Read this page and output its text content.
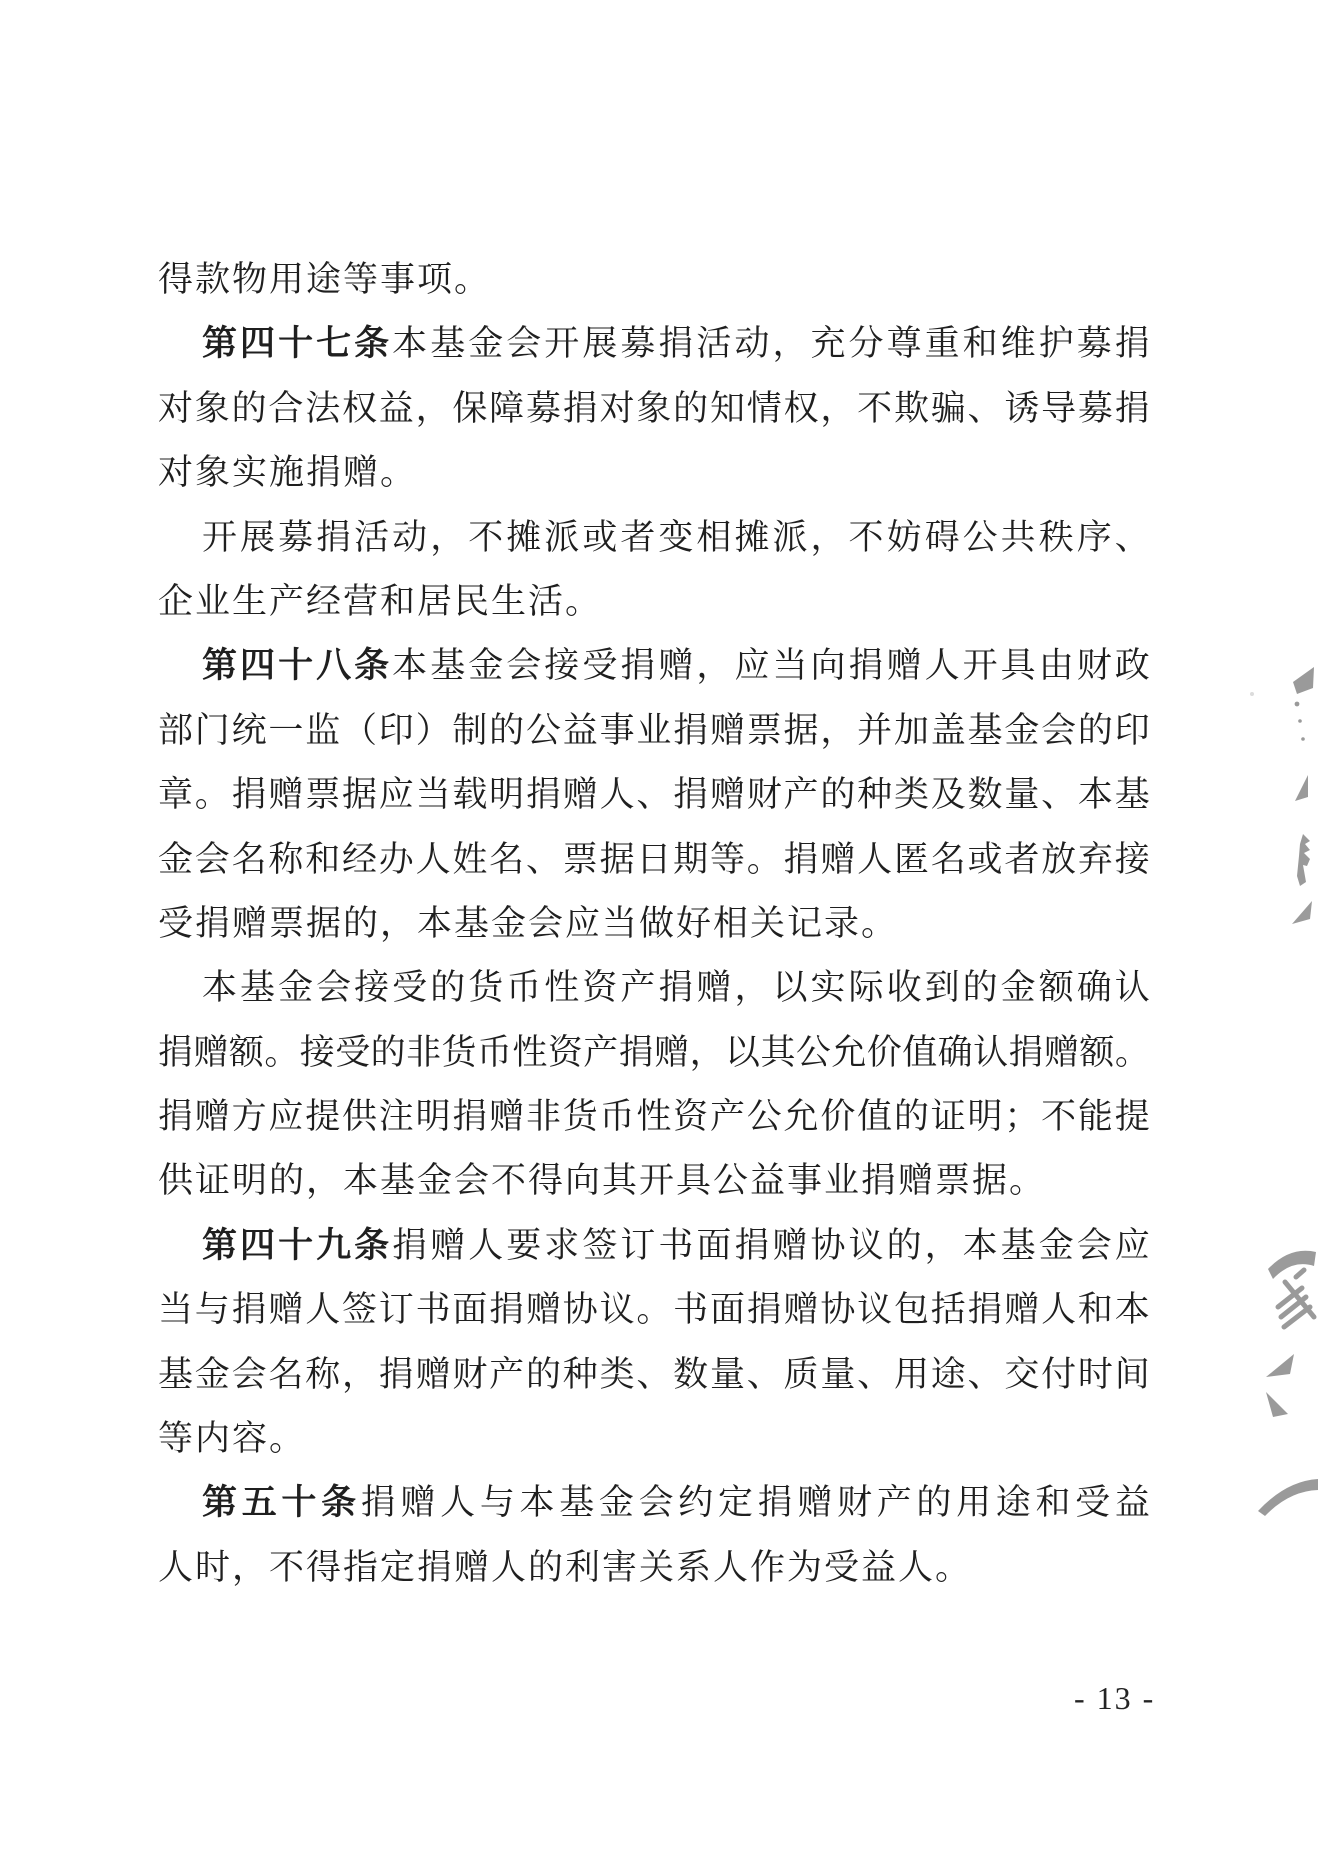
得款物用途等事项。
第 四 十 七 条 本 基 金 会 开 展 募 捐 活 动 ， 充 分 尊 重 和 维 护 募 捐
对 象 的 合 法 权 益 ， 保 障 募 捐 对 象 的 知 情 权 ， 不 欺 骗 、 诱 导 募 捐
对象实施捐赠。
开 展 募 捐 活 动 ， 不 摊 派 或 者 变 相 摊 派 ， 不 妨 碍 公 共 秩 序 、
企业生产经营和居民生活。
第 四 十 八 条 本 基 金 会 接 受 捐 赠 ， 应 当 向 捐 赠 人 开 具 由 财 政
部 门 统 一 监 （ 印 ） 制 的 公 益 事 业 捐 赠 票 据 ， 并 加 盖 基 金 会 的 印
章 。 捐 赠 票 据 应 当 载 明 捐 赠 人 、 捐 赠 财 产 的 种 类 及 数 量 、 本 基
金 会 名 称 和 经 办 人 姓 名 、 票 据 日 期 等 。 捐 赠 人 匿 名 或 者 放 弃 接
受捐赠票据的，本基金会应当做好相关记录。
本 基 金 会 接 受 的 货 币 性 资 产 捐 赠 ， 以 实 际 收 到 的 金 额 确 认
捐 赠 额 。 接 受 的 非 货 币 性 资 产 捐 赠 ， 以 其 公 允 价 值 确 认 捐 赠 额 。
捐 赠 方 应 提 供 注 明 捐 赠 非 货 币 性 资 产 公 允 价 值 的 证 明 ； 不 能 提
供证明的，本基金会不得向其开具公益事业捐赠票据。
第 四 十 九 条 捐 赠 人 要 求 签 订 书 面 捐 赠 协 议 的 ， 本 基 金 会 应
当 与 捐 赠 人 签 订 书 面 捐 赠 协 议 。 书 面 捐 赠 协 议 包 括 捐 赠 人 和 本
基 金 会 名 称 ， 捐 赠 财 产 的 种 类 、 数 量 、 质 量 、 用 途 、 交 付 时 间
等内容。
第 五 十 条 捐 赠 人 与 本 基 金 会 约 定 捐 赠 财 产 的 用 途 和 受 益
人时，不得指定捐赠人的利害关系人作为受益人。
- 13 -
